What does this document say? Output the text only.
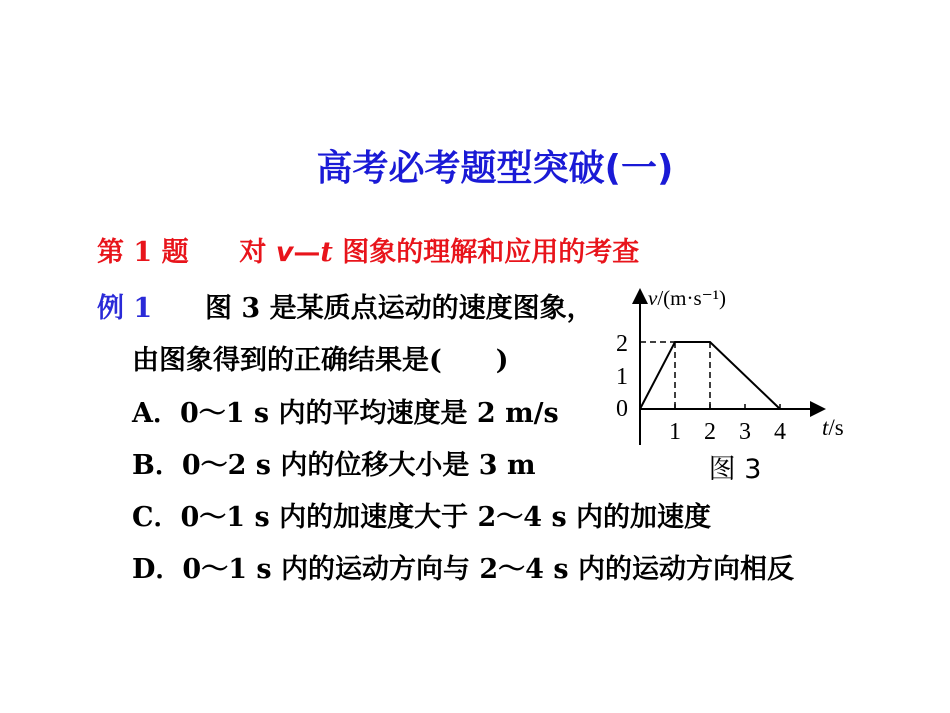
高考必考题型突破(一)
第 1 题 对 v—t 图象的理解和应用的考查
例 1 图 3 是某质点运动的速度图象，
由图象得到的正确结果是(　　)
A．0～1 s 内的平均速度是 2 m/s
B．0～2 s 内的位移大小是 3 m
C．0～1 s 内的加速度大于 2～4 s 内的加速度
D．0～1 s 内的运动方向与 2～4 s 内的运动方向相反
1 2 3 4
2
1
0
v/(m·s⁻¹)
t/s
图 3
